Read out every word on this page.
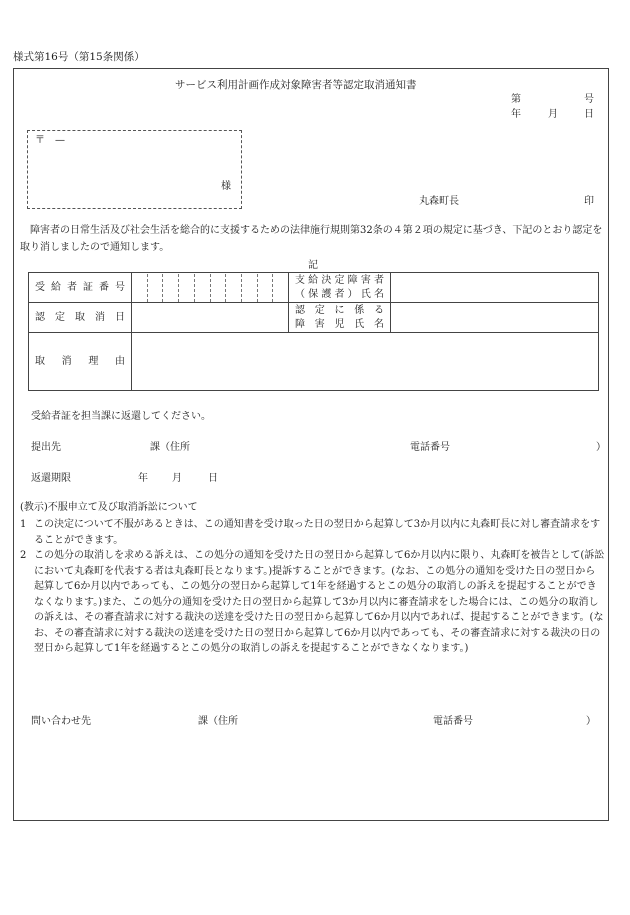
様式第16号（第15条関係）
サービス利用計画作成対象障害者等認定取消通知書
第	号
年	月	日
〒　—
様
丸森町長	印
障害者の日常生活及び社会生活を総合的に支援するための法律施行規則第32条の４第２項の規定に基づき、下記のとおり認定を取り消しましたので通知します。
記
受給者証番号		支給決定障害者
（保護者）氏名	

認定取消日		認定に係る
障害児氏名	

取消理由			
受給者証を担当課に返還してください。
提出先	課（住所	電話番号	）
返還期限	年 月	日
(教示)不服申立て及び取消訴訟について
1 この決定について不服があるときは、この通知書を受け取った日の翌日から起算して3か月以内に丸森町長に対し審査請求をすることができます。
2 この処分の取消しを求める訴えは、この処分の通知を受けた日の翌日から起算して6か月以内に限り、丸森町を被告として(訴訟において丸森町を代表する者は丸森町長となります。)提訴することができます。(なお、この処分の通知を受けた日の翌日から起算して6か月以内であっても、この処分の翌日から起算して1年を経過するとこの処分の取消しの訴えを提起することができなくなります。)また、この処分の通知を受けた日の翌日から起算して3か月以内に審査請求をした場合には、この処分の取消しの訴えは、その審査請求に対する裁決の送達を受けた日の翌日から起算して6か月以内であれば、提起することができます。(なお、その審査請求に対する裁決の送達を受けた日の翌日から起算して6か月以内であっても、その審査請求に対する裁決の日の翌日から起算して1年を経過するとこの処分の取消しの訴えを提起することができなくなります。)
問い合わせ先	課（住所	電話番号	）
